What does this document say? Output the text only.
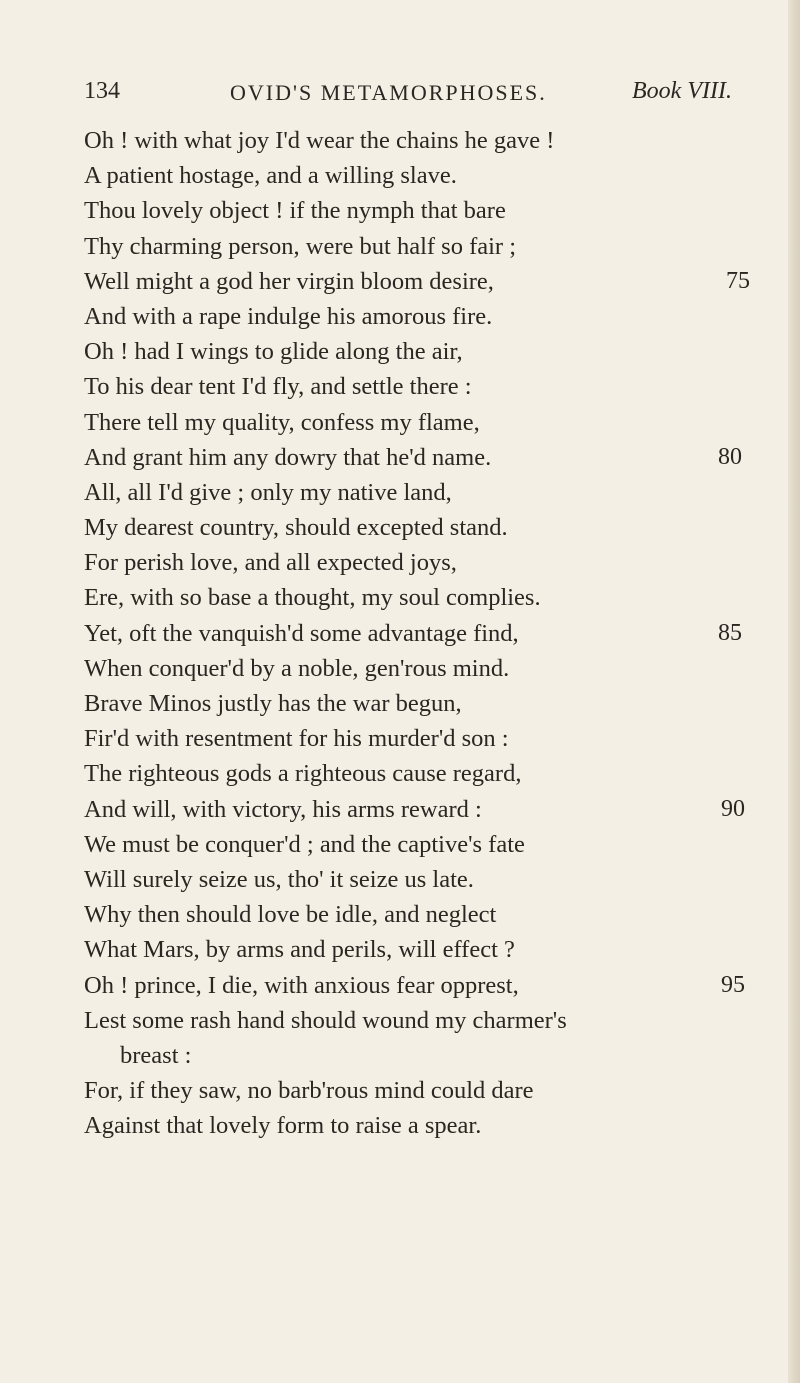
134	OVID'S METAMORPHOSES.	Book VIII.
Oh ! with what joy I'd wear the chains he gave !
A patient hostage, and a willing slave.
Thou lovely object ! if the nymph that bare
Thy charming person, were but half so fair ;
Well might a god her virgin bloom desire,	75
And with a rape indulge his amorous fire.
Oh ! had I wings to glide along the air,
To his dear tent I'd fly, and settle there :
There tell my quality, confess my flame,
And grant him any dowry that he'd name.	80
All, all I'd give ; only my native land,
My dearest country, should excepted stand.
For perish love, and all expected joys,
Ere, with so base a thought, my soul complies.
Yet, oft the vanquish'd some advantage find,	85
When conquer'd by a noble, gen'rous mind.
Brave Minos justly has the war begun,
Fir'd with resentment for his murder'd son :
The righteous gods a righteous cause regard,
And will, with victory, his arms reward :	90
We must be conquer'd ; and the captive's fate
Will surely seize us, tho' it seize us late.
Why then should love be idle, and neglect
What Mars, by arms and perils, will effect ?
Oh ! prince, I die, with anxious fear opprest,	95
Lest some rash hand should wound my charmer's
breast :
For, if they saw, no barb'rous mind could dare
Against that lovely form to raise a spear.
